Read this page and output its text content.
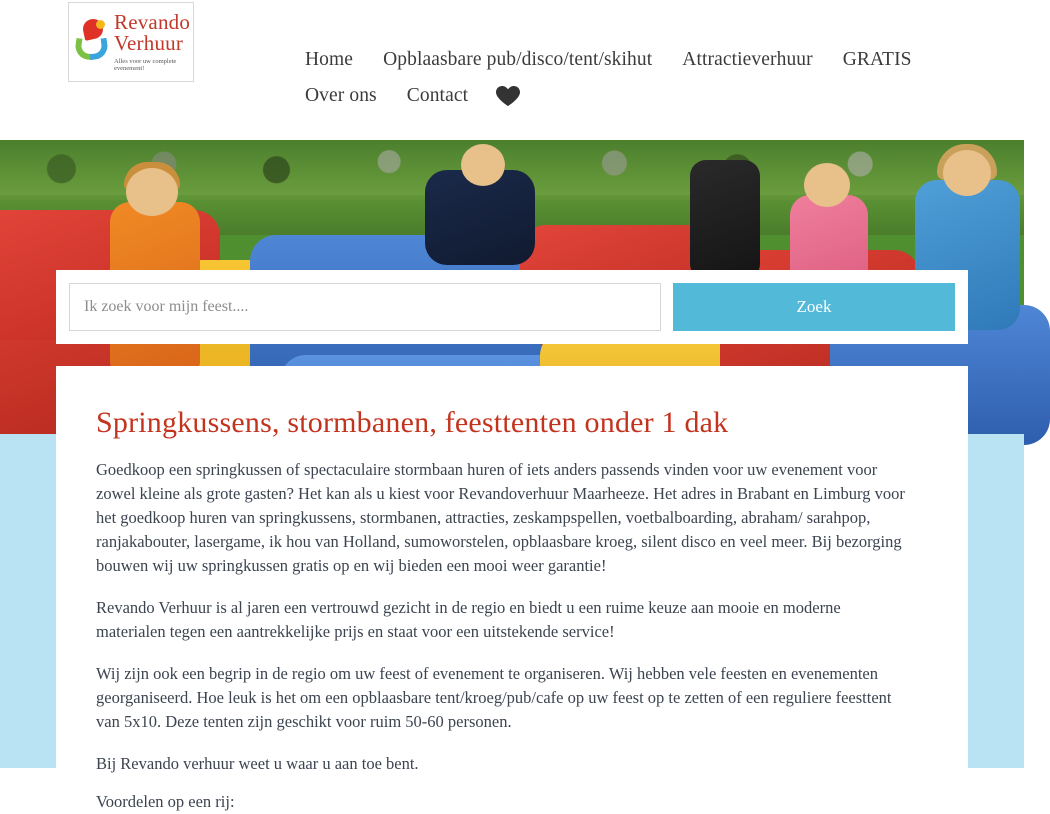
Revando
Verhuur
Alles voor uw complete evenement!	Home	Opblaasbare pub/disco/tent/skihut	Attractieverhuur	GRATIS
Over ons	Contact
Ik zoek voor mijn feest....
Zoek
Springkussens, stormbanen, feesttenten onder 1 dak

Goedkoop een springkussen of spectaculaire stormbaan huren of iets anders passends vinden voor uw evenement voor zowel kleine als grote gasten? Het kan als u kiest voor Revandoverhuur Maarheeze. Het adres in Brabant en Limburg voor het goedkoop huren van springkussens, stormbanen, attracties, zeskampspellen, voetbalboarding, abraham/ sarahpop, ranjakabouter, lasergame, ik hou van Holland, sumoworstelen, opblaasbare kroeg, silent disco en veel meer. Bij bezorging bouwen wij uw springkussen gratis op en wij bieden een mooi weer garantie!

Revando Verhuur is al jaren een vertrouwd gezicht in de regio en biedt u een ruime keuze aan mooie en moderne materialen tegen een aantrekkelijke prijs en staat voor een uitstekende service!

Wij zijn ook een begrip in de regio om uw feest of evenement te organiseren. Wij hebben vele feesten en evenementen georganiseerd. Hoe leuk is het om een opblaasbare tent/kroeg/pub/cafe op uw feest op te zetten of een reguliere feesttent van 5x10. Deze tenten zijn geschikt voor ruim 50-60 personen.

Bij Revando verhuur weet u waar u aan toe bent.

Voordelen op een rij:
